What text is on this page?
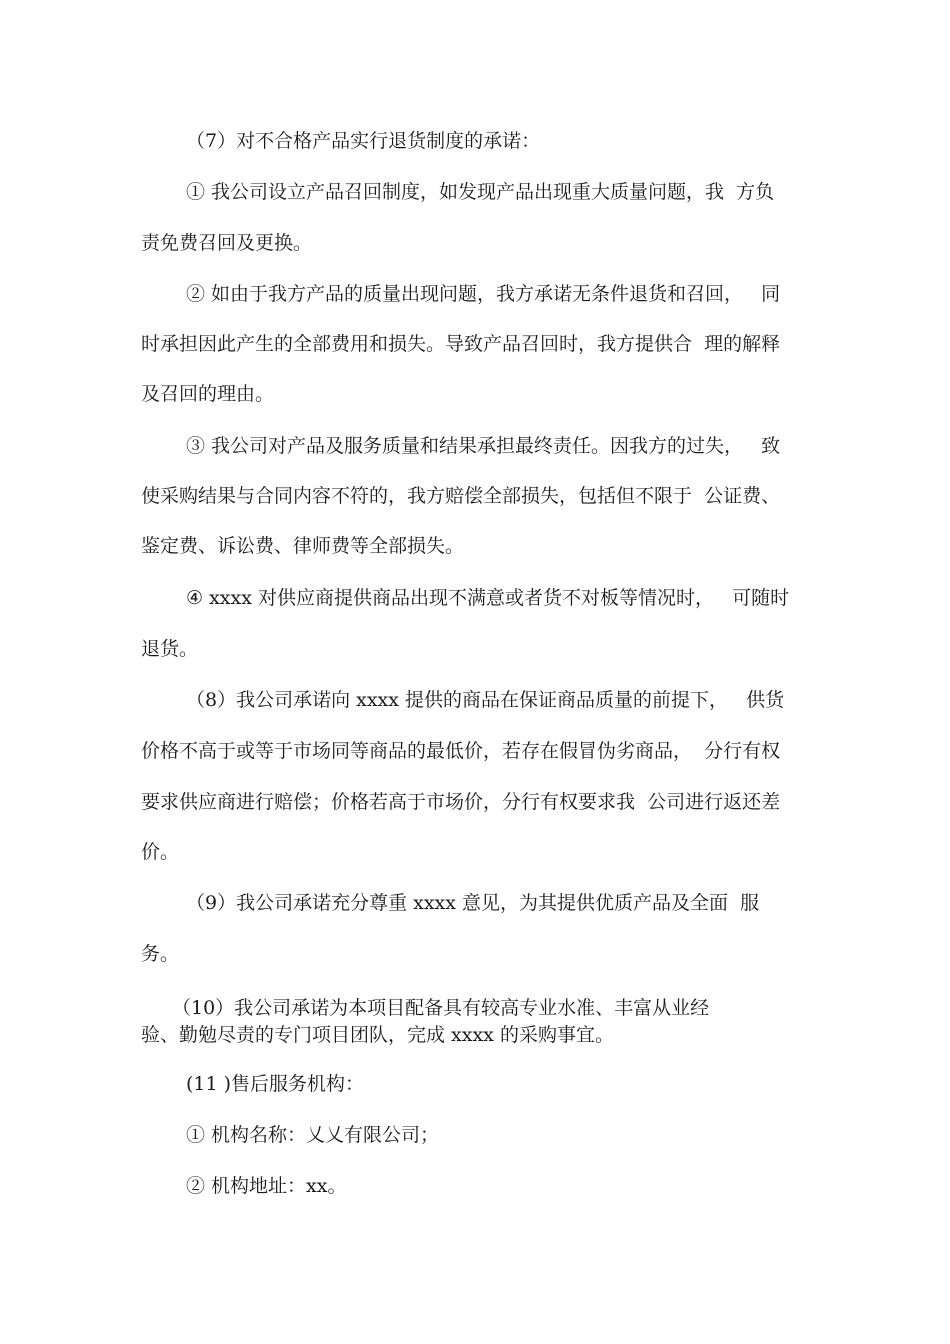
（7）对不合格产品实行退货制度的承诺：
① 我公司设立产品召回制度，如发现产品出现重大质量问题，我  方负
责免费召回及更换。
② 如由于我方产品的质量出现问题，我方承诺无条件退货和召回，   同
时承担因此产生的全部费用和损失。导致产品召回时，我方提供合  理的解释
及召回的理由。
③ 我公司对产品及服务质量和结果承担最终责任。因我方的过失，   致
使采购结果与合同内容不符的，我方赔偿全部损失，包括但不限于  公证费、
鉴定费、诉讼费、律师费等全部损失。
④ xxxx 对供应商提供商品出现不满意或者货不对板等情况时，   可随时
退货。
（8）我公司承诺向 xxxx 提供的商品在保证商品质量的前提下，   供货
价格不高于或等于市场同等商品的最低价，若存在假冒伪劣商品，  分行有权
要求供应商进行赔偿；价格若高于市场价，分行有权要求我  公司进行返还差
价。
（9）我公司承诺充分尊重 xxxx 意见，为其提供优质产品及全面  服
务。
（10）我公司承诺为本项目配备具有较高专业水准、丰富从业经
验、勤勉尽责的专门项目团队，完成 xxxx 的采购事宜。
(11 )售后服务机构：
① 机构名称：乂乂有限公司；
② 机构地址：xx。
